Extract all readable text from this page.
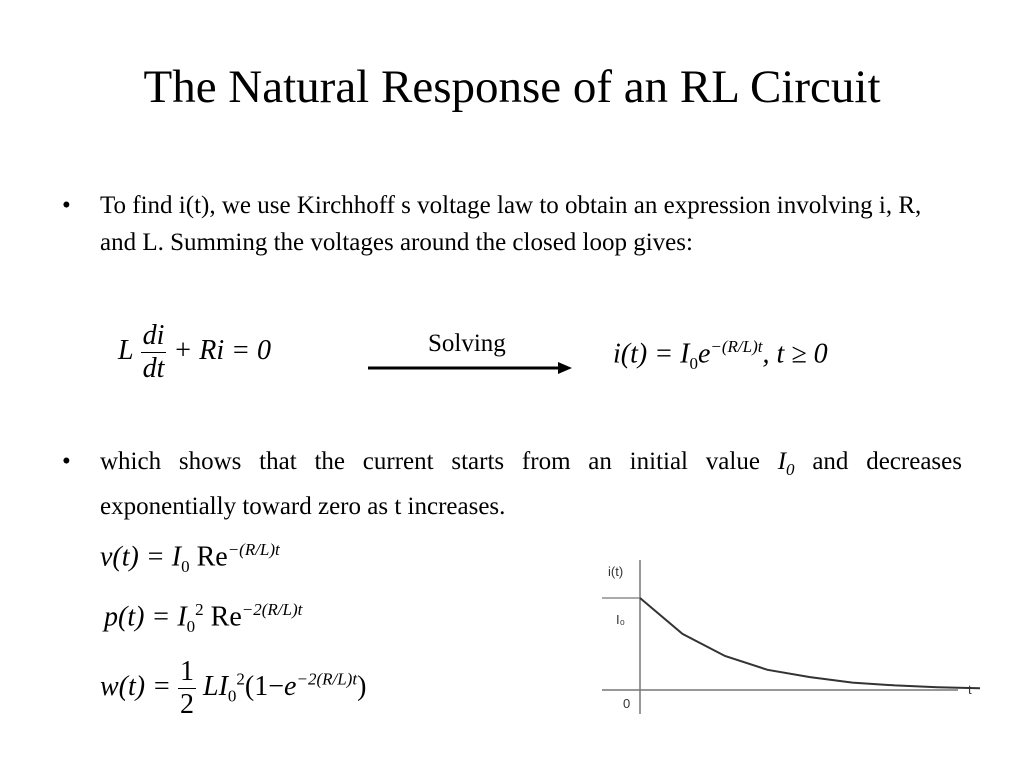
The Natural Response of an RL Circuit
• To find i(t), we use Kirchhoff s voltage law to obtain an expression involving i, R, and L. Summing the voltages around the closed loop gives:
L $\frac{di}{dt} + Ri = 0$	Solving	$i(t) = I_0e^{-(R/L)t}$, t ≥ 0
• which shows that the current starts from an initial value $I_0$ and decreases exponentially toward zero as t increases.
$v(t) = I_0$ $Re^{-(R/L)t}$
$p(t) = I_0^2$ $Re^{-2(R/L)t}$
$w(t) = \frac{1}{2} LI_0^2(1-e^{-2(R/L)t})$
i(t)
I₀
0
t
